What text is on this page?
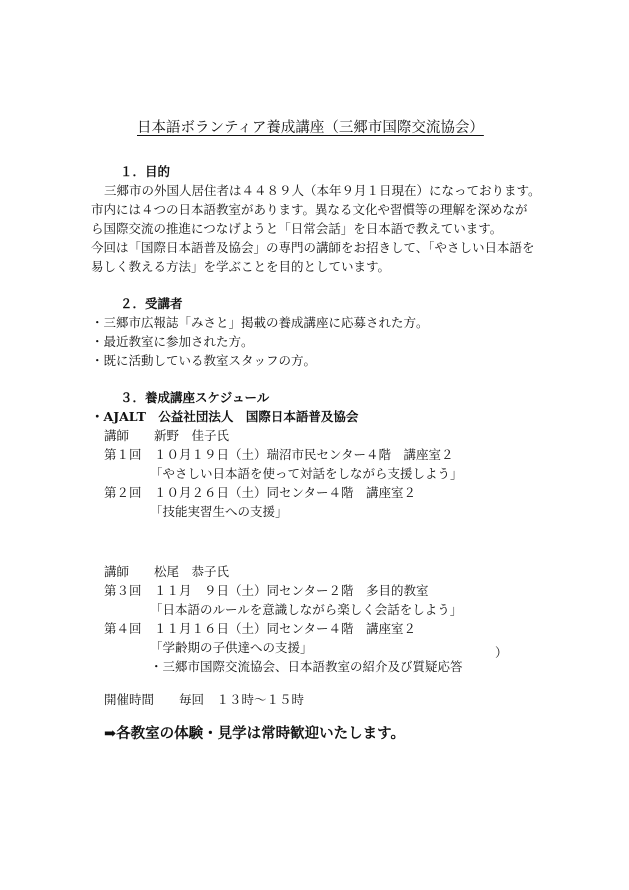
日本語ボランティア養成講座（三郷市国際交流協会）
１．目的
三郷市の外国人居住者は４４８９人（本年９月１日現在）になっております。
市内には４つの日本語教室があります。異なる文化や習慣等の理解を深めなが
ら国際交流の推進につなげようと「日常会話」を日本語で教えています。
今回は「国際日本語普及協会」の専門の講師をお招きして、「やさしい日本語を
易しく教える方法」を学ぶことを目的としています。
２．受講者
・三郷市広報誌「みさと」掲載の養成講座に応募された方。
・最近教室に参加された方。
・既に活動している教室スタッフの方。
３．養成講座スケジュール
・AJALT　公益社団法人　国際日本語普及協会
講師　　新野　佳子氏
第１回　１０月１９日（土）瑞沼市民センター４階　講座室２
「やさしい日本語を使って対話をしながら支援しよう」
第２回　１０月２６日（土）同センター４階　講座室２
「技能実習生への支援」
講師　　松尾　恭子氏
第３回　１１月　９日（土）同センター２階　多目的教室
「日本語のルールを意識しながら楽しく会話をしよう」
第４回　１１月１６日（土）同センター４階　講座室２
「学齢期の子供達への支援」	）
・三郷市国際交流協会、日本語教室の紹介及び質疑応答
開催時間　　毎回　１３時～１５時
➡各教室の体験・見学は常時歓迎いたします。
